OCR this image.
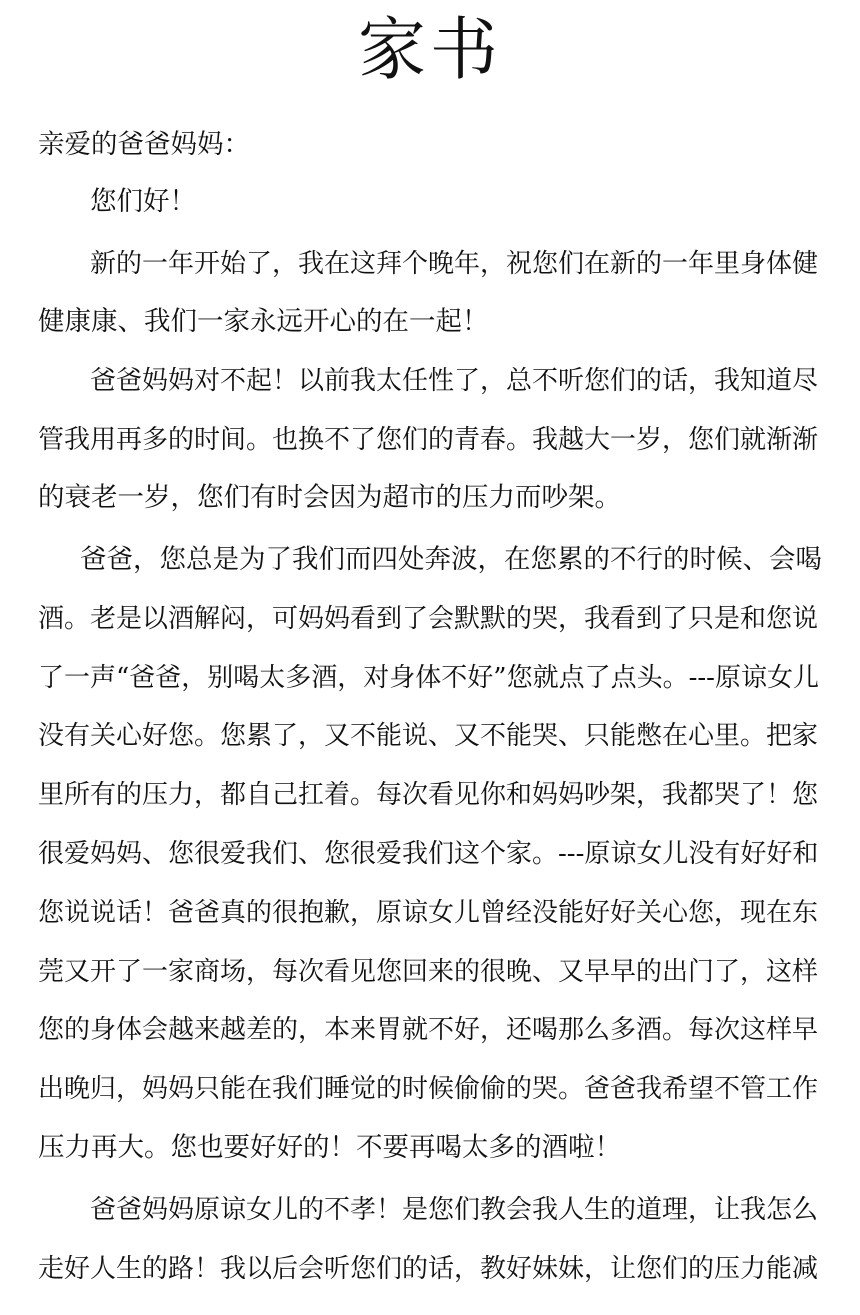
家书

亲爱的爸爸妈妈：

您们好！

新的一年开始了，我在这拜个晚年，祝您们在新的一年里身体健

健康康、我们一家永远开心的在一起！

爸爸妈妈对不起！以前我太任性了，总不听您们的话，我知道尽

管我用再多的时间。也换不了您们的青春。我越大一岁，您们就渐渐

的衰老一岁，您们有时会因为超市的压力而吵架。

爸爸，您总是为了我们而四处奔波，在您累的不行的时候、会喝

酒。老是以酒解闷，可妈妈看到了会默默的哭，我看到了只是和您说

了一声“爸爸，别喝太多酒，对身体不好”您就点了点头。---原谅女儿

没有关心好您。您累了，又不能说、又不能哭、只能憋在心里。把家

里所有的压力，都自己扛着。每次看见你和妈妈吵架，我都哭了！您

很爱妈妈、您很爱我们、您很爱我们这个家。---原谅女儿没有好好和

您说说话！爸爸真的很抱歉，原谅女儿曾经没能好好关心您，现在东

莞又开了一家商场，每次看见您回来的很晚、又早早的出门了，这样

您的身体会越来越差的，本来胃就不好，还喝那么多酒。每次这样早

出晚归，妈妈只能在我们睡觉的时候偷偷的哭。爸爸我希望不管工作

压力再大。您也要好好的！不要再喝太多的酒啦！

爸爸妈妈原谅女儿的不孝！是您们教会我人生的道理，让我怎么

走好人生的路！我以后会听您们的话，教好妹妹，让您们的压力能减
